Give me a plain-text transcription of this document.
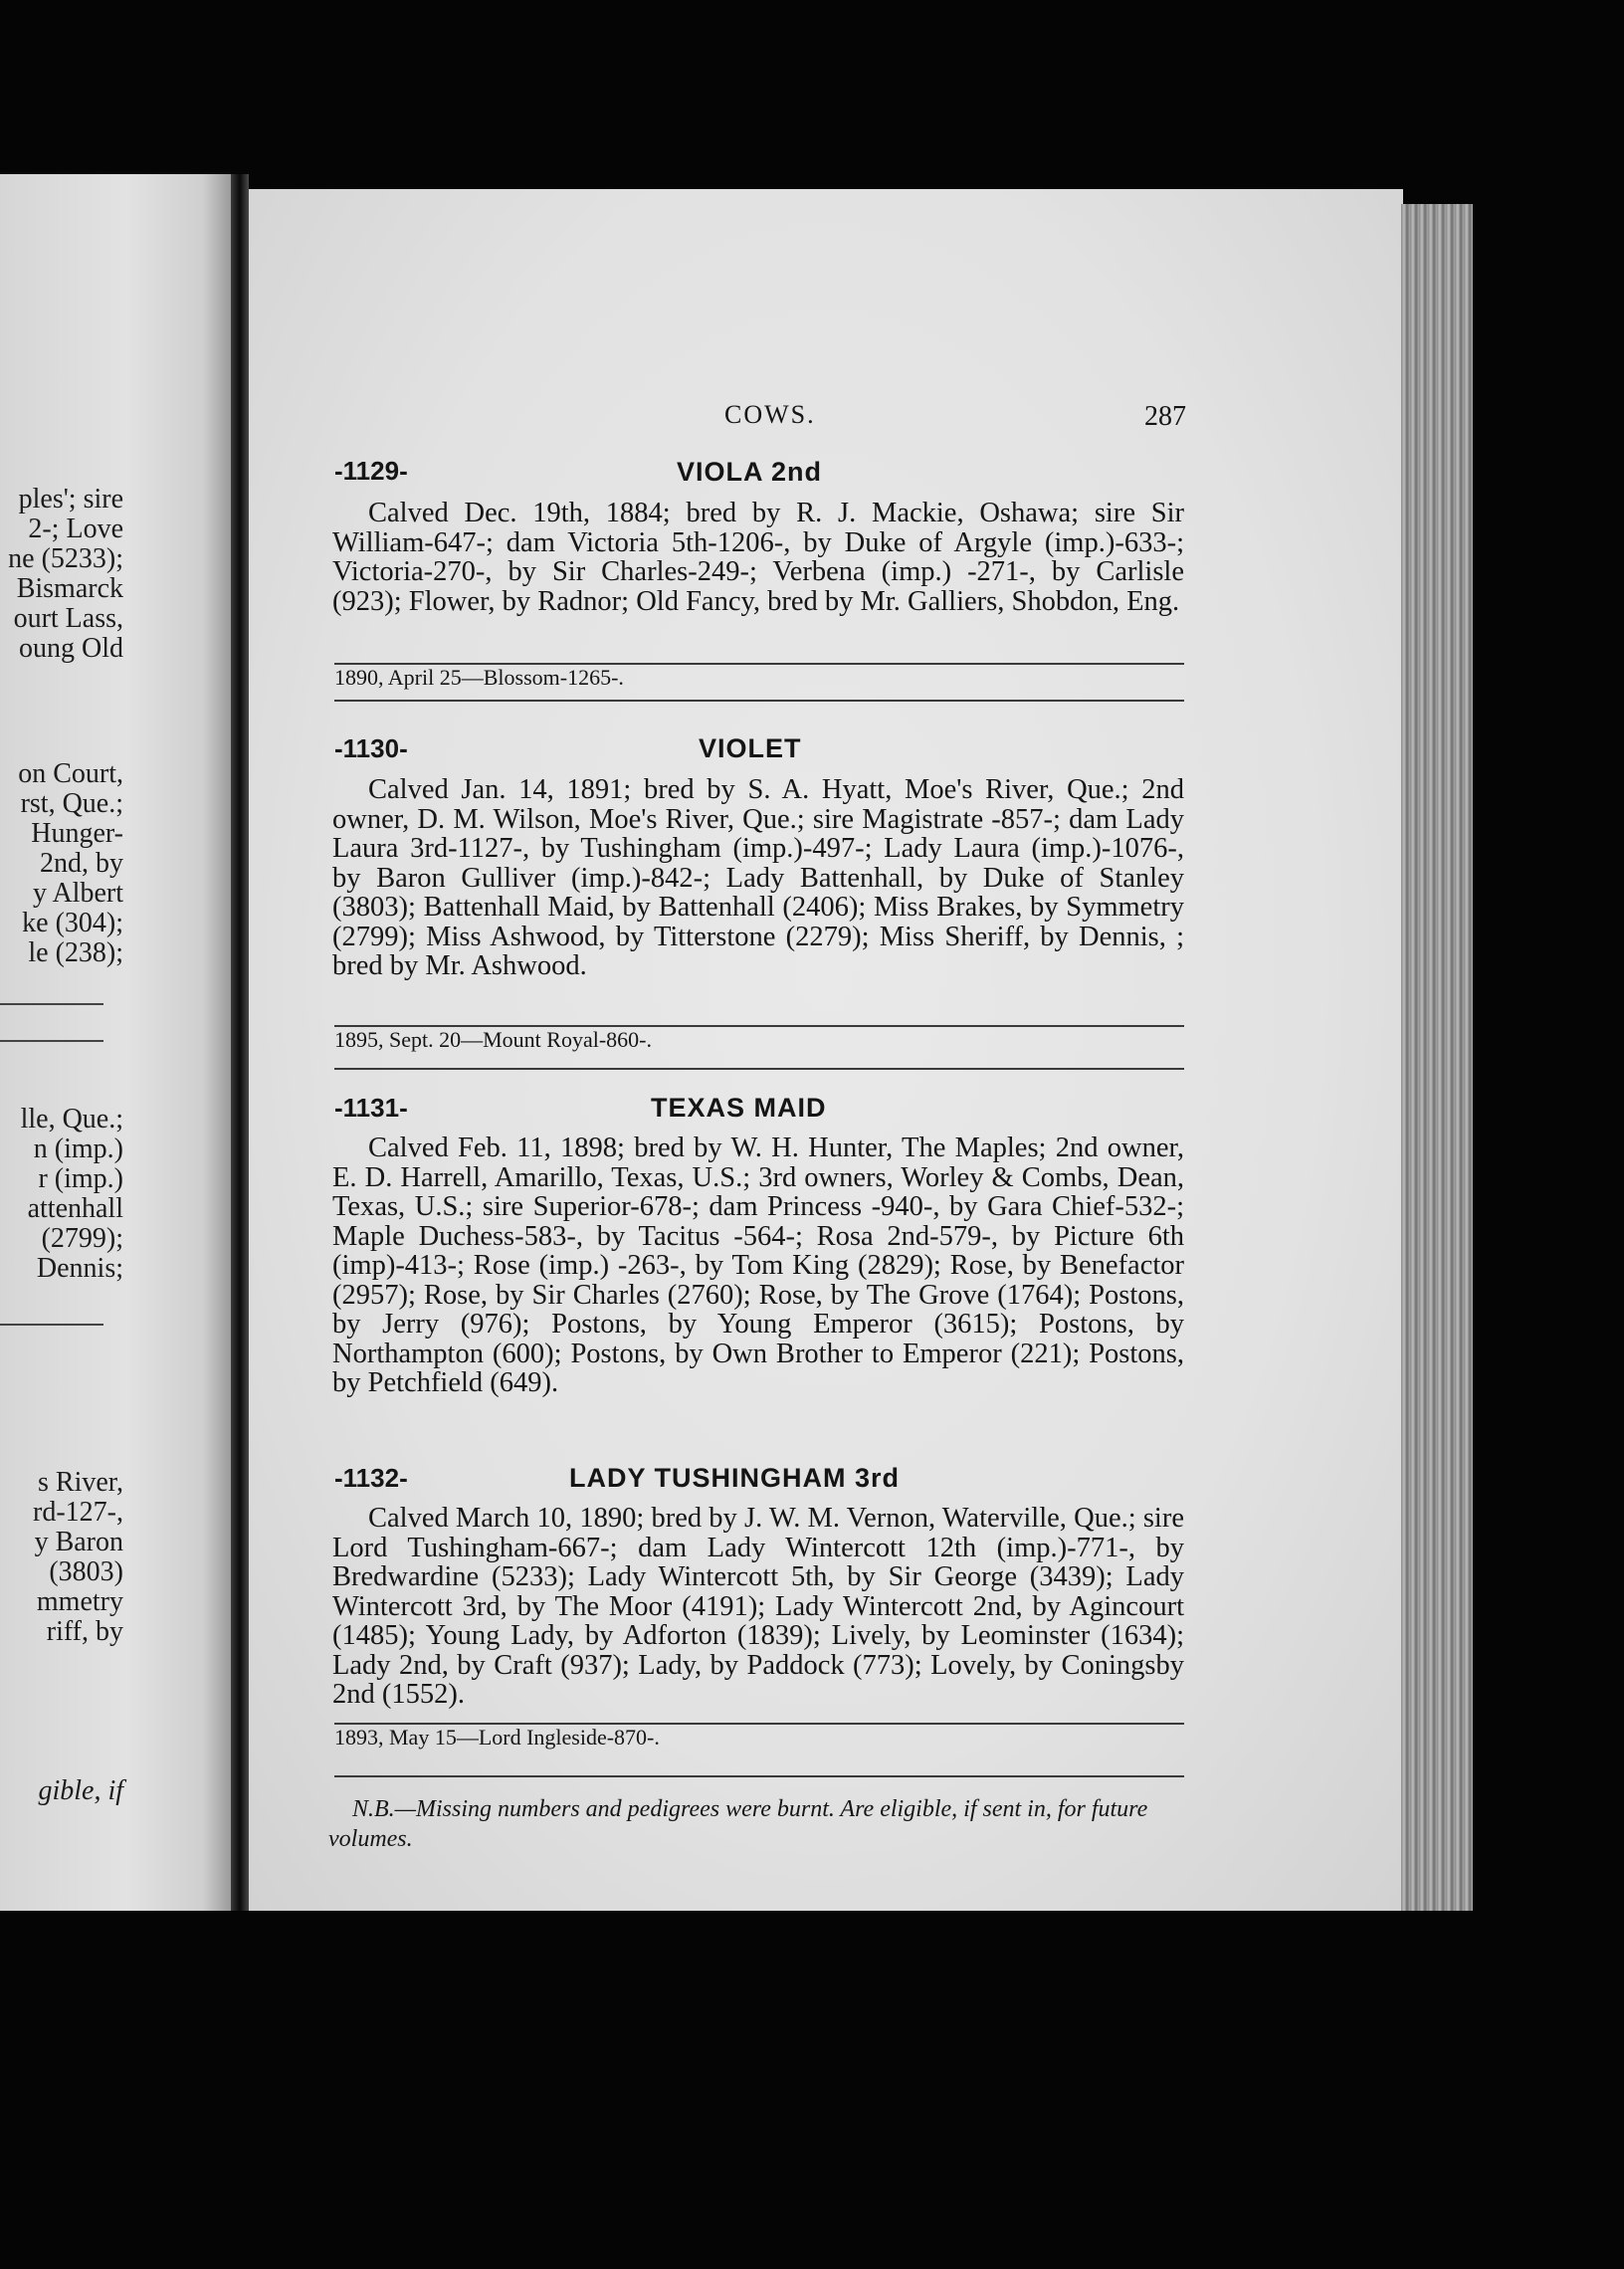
ples'; sire
2-; Love
ne (5233);
Bismarck
ourt Lass,
oung Old
on Court,
rst, Que.;
Hunger-
2nd, by
y Albert
ke (304);
le (238);
lle, Que.;
n (imp.)
r (imp.)
attenhall
(2799);
Dennis;
s River,
rd-127-,
y Baron
(3803)
mmetry
riff, by
gible, if
COWS.	287
-1129-	VIOLA 2nd

Calved Dec. 19th, 1884; bred by R. J. Mackie, Oshawa; sire Sir William-647-; dam Victoria 5th-1206-, by Duke of Argyle (imp.)-633-; Victoria-270-, by Sir Charles-249-; Verbena (imp.) -271-, by Carlisle (923); Flower, by Radnor; Old Fancy, bred by Mr. Galliers, Shobdon, Eng.

1890, April 25—Blossom-1265-.
-1130-	VIOLET

Calved Jan. 14, 1891; bred by S. A. Hyatt, Moe's River, Que.; 2nd owner, D. M. Wilson, Moe's River, Que.; sire Magistrate -857-; dam Lady Laura 3rd-1127-, by Tushingham (imp.)-497-; Lady Laura (imp.)-1076-, by Baron Gulliver (imp.)-842-; Lady Battenhall, by Duke of Stanley (3803); Battenhall Maid, by Battenhall (2406); Miss Brakes, by Symmetry (2799); Miss Ashwood, by Titterstone (2279); Miss Sheriff, by Dennis, ; bred by Mr. Ashwood.

1895, Sept. 20—Mount Royal-860-.
-1131-	TEXAS MAID

Calved Feb. 11, 1898; bred by W. H. Hunter, The Maples; 2nd owner, E. D. Harrell, Amarillo, Texas, U.S.; 3rd owners, Worley & Combs, Dean, Texas, U.S.; sire Superior-678-; dam Princess -940-, by Gara Chief-532-; Maple Duchess-583-, by Tacitus -564-; Rosa 2nd-579-, by Picture 6th (imp)-413-; Rose (imp.) -263-, by Tom King (2829); Rose, by Benefactor (2957); Rose, by Sir Charles (2760); Rose, by The Grove (1764); Postons, by Jerry (976); Postons, by Young Emperor (3615); Postons, by Northampton (600); Postons, by Own Brother to Emperor (221); Postons, by Petchfield (649).

-1132-	LADY TUSHINGHAM 3rd

Calved March 10, 1890; bred by J. W. M. Vernon, Waterville, Que.; sire Lord Tushingham-667-; dam Lady Wintercott 12th (imp.)-771-, by Bredwardine (5233); Lady Wintercott 5th, by Sir George (3439); Lady Wintercott 3rd, by The Moor (4191); Lady Wintercott 2nd, by Agincourt (1485); Young Lady, by Adforton (1839); Lively, by Leominster (1634); Lady 2nd, by Craft (937); Lady, by Paddock (773); Lovely, by Coningsby 2nd (1552).

1893, May 15—Lord Ingleside-870-.

N.B.—Missing numbers and pedigrees were burnt. Are eligible, if sent in, for future volumes.
